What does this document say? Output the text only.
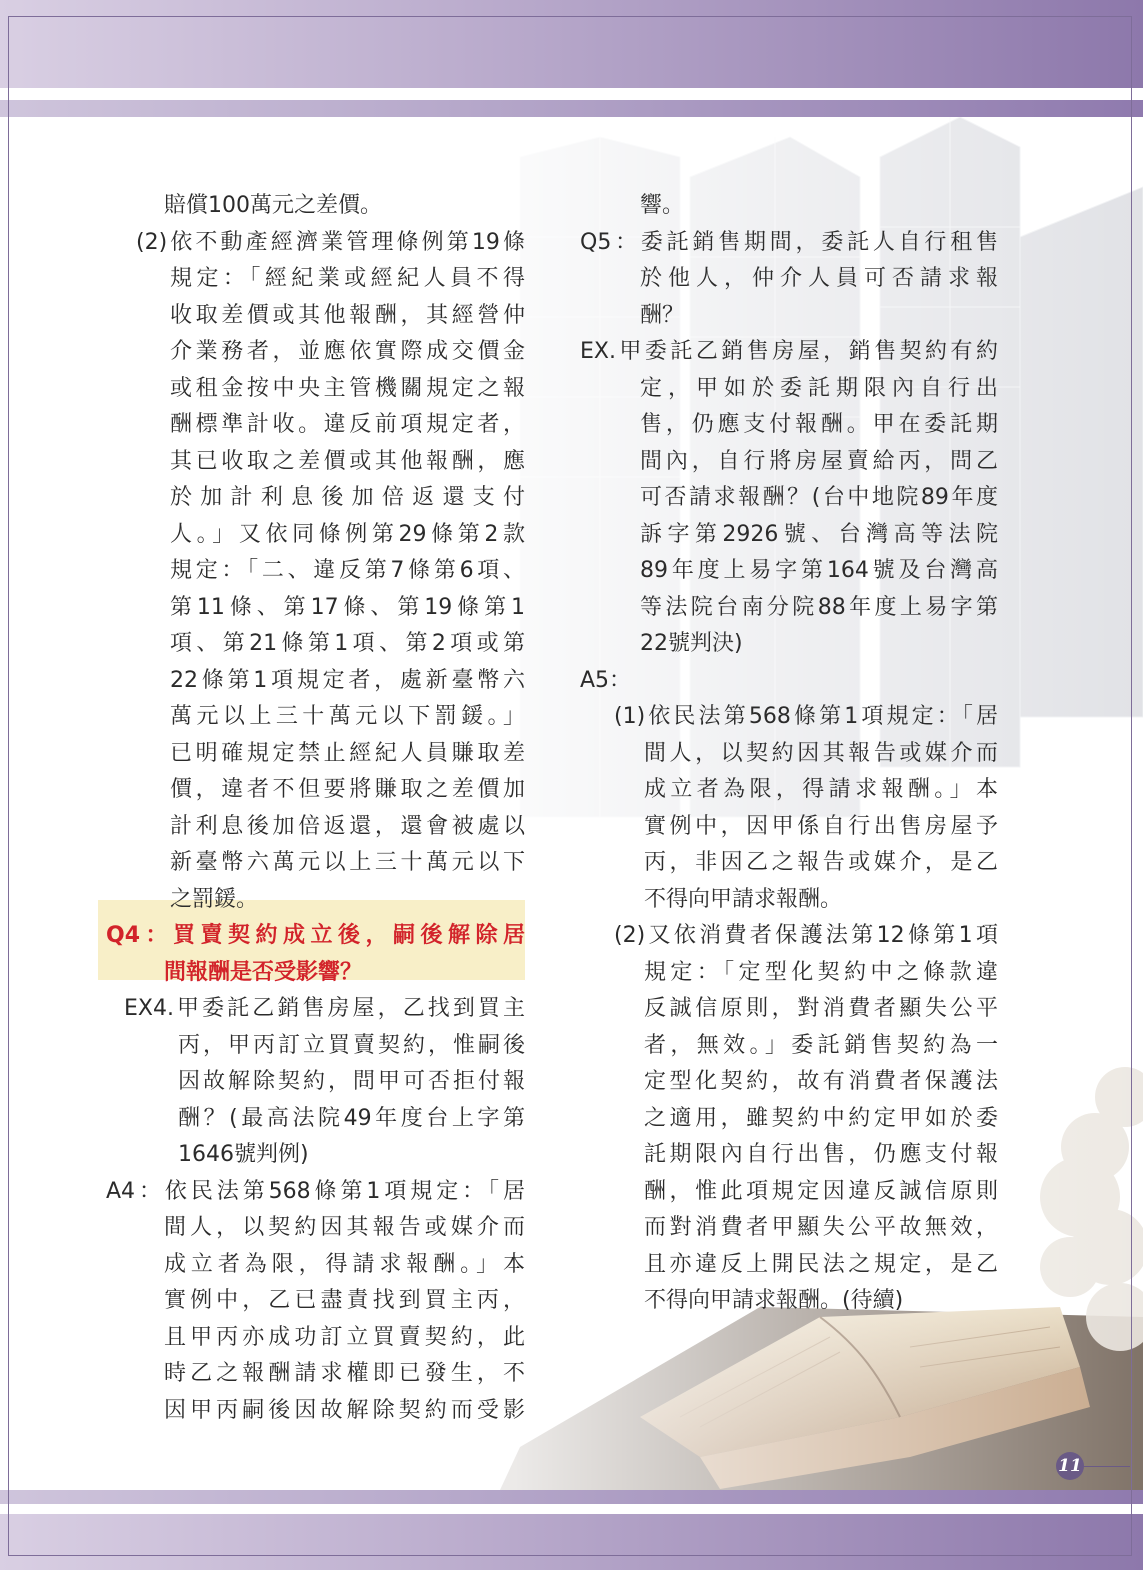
賠償100萬元之差價。
(2)依不動產經濟業管理條例第19條
規定：「經紀業或經紀人員不得
收取差價或其他報酬，其經營仲
介業務者，並應依實際成交價金
或租金按中央主管機關規定之報
酬標準計收。違反前項規定者，
其已收取之差價或其他報酬，應
於加計利息後加倍返還支付
人。」又依同條例第29條第2款
規定：「二、違反第7條第6項、
第11條、第17條、第19條第1
項、第21條第1項、第2項或第
22條第1項規定者，處新臺幣六
萬元以上三十萬元以下罰鍰。」
已明確規定禁止經紀人員賺取差
價，違者不但要將賺取之差價加
計利息後加倍返還，還會被處以
新臺幣六萬元以上三十萬元以下
之罰鍰。
Q4：買賣契約成立後，嗣後解除居
間報酬是否受影響？
EX4.甲委託乙銷售房屋，乙找到買主
丙，甲丙訂立買賣契約，惟嗣後
因故解除契約，問甲可否拒付報
酬？(最高法院49年度台上字第
1646號判例)
A4：依民法第568條第1項規定：「居
間人，以契約因其報告或媒介而
成立者為限，得請求報酬。」本
實例中，乙已盡責找到買主丙，
且甲丙亦成功訂立買賣契約，此
時乙之報酬請求權即已發生，不
因甲丙嗣後因故解除契約而受影
響。
Q5：委託銷售期間，委託人自行租售
於他人，仲介人員可否請求報
酬？
EX.甲委託乙銷售房屋，銷售契約有約
定，甲如於委託期限內自行出
售，仍應支付報酬。甲在委託期
間內，自行將房屋賣給丙，問乙
可否請求報酬？(台中地院89年度
訴字第2926號、台灣高等法院
89年度上易字第164號及台灣高
等法院台南分院88年度上易字第
22號判決)
A5：
(1)依民法第568條第1項規定：「居
間人，以契約因其報告或媒介而
成立者為限，得請求報酬。」本
實例中，因甲係自行出售房屋予
丙，非因乙之報告或媒介，是乙
不得向甲請求報酬。
(2)又依消費者保護法第12條第1項
規定：「定型化契約中之條款違
反誠信原則，對消費者顯失公平
者，無效。」委託銷售契約為一
定型化契約，故有消費者保護法
之適用，雖契約中約定甲如於委
託期限內自行出售，仍應支付報
酬，惟此項規定因違反誠信原則
而對消費者甲顯失公平故無效，
且亦違反上開民法之規定，是乙
不得向甲請求報酬。(待續)
11
